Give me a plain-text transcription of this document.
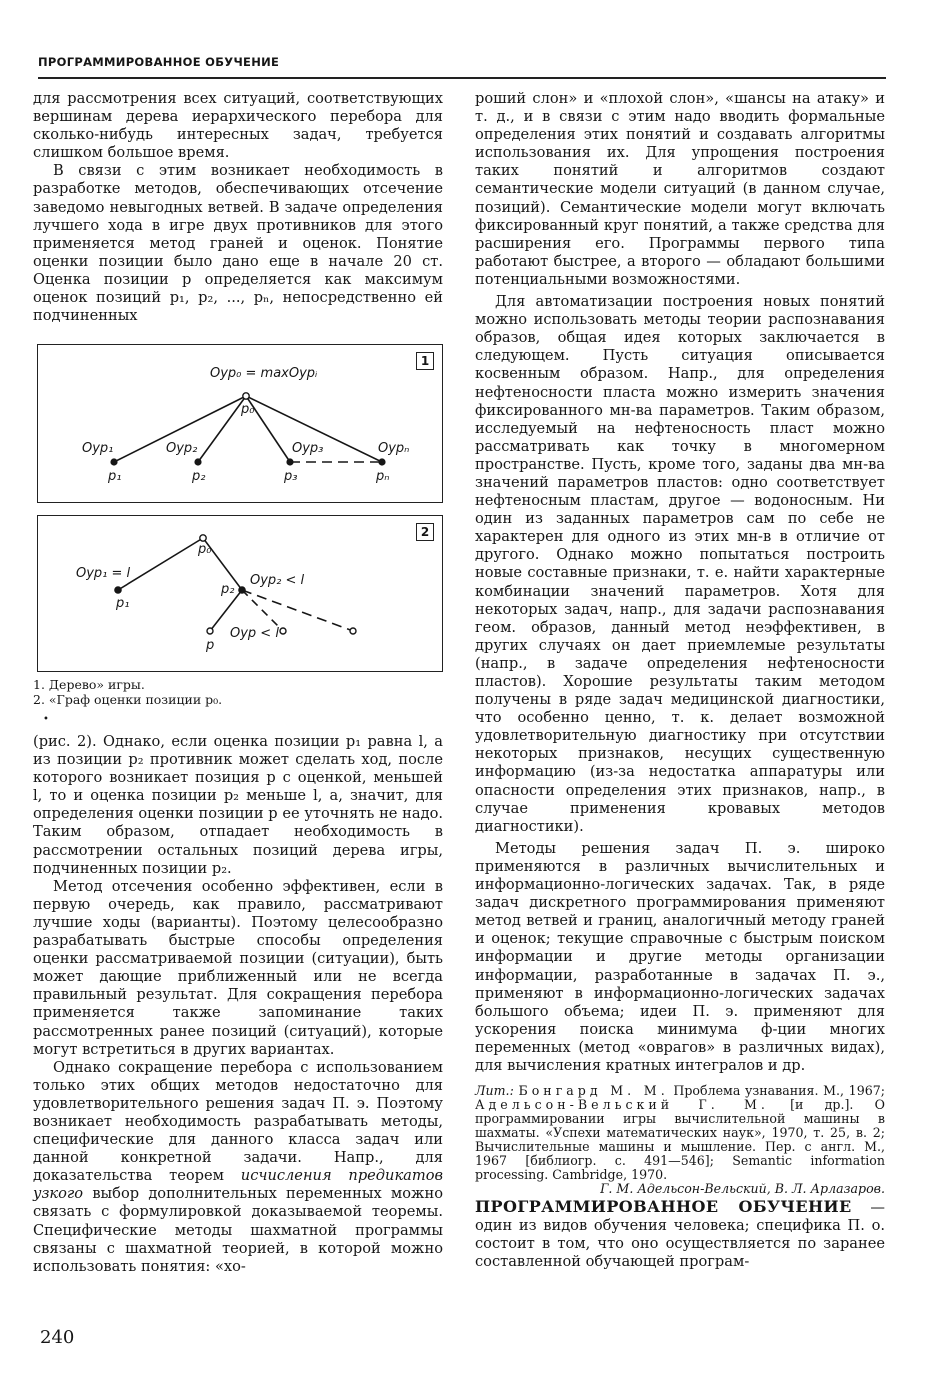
ПРОГРАММИРОВАННОЕ ОБУЧЕНИЕ

для рассмотрения всех ситуаций, соответствующих вершинам дерева иерархического перебора для сколько-нибудь интересных задач, требуется слишком большое время.

В связи с этим возникает необходимость в разработке методов, обеспечивающих отсечение заведомо невыгодных ветвей. В задаче определения лучшего хода в игре двух противников для этого применяется метод граней и оценок. Понятие оценки позиции было дано еще в начале 20 ст. Оценка позиции p определяется как максимум оценок позиций p₁, p₂, ..., pₙ, непосредственно ей подчиненных

1
Оур₀ = maxОурᵢ
p₀
Оур₁
p₁
Оур₂
p₂
Оур₃
p₃
Оурₙ
pₙ
2
p₀
Оур₁ = l
p₁
Оур₂ < l
p₂
Оур < l
p
1. Дерево» игры.
2. «Граф оценки позиции p₀.
•

(рис. 2). Однако, если оценка позиции p₁ равна l, а из позиции p₂ противник может сделать ход, после которого возникает позиция p с оценкой, меньшей l, то и оценка позиции p₂ меньше l, а, значит, для определения оценки позиции p ее уточнять не надо. Таким образом, отпадает необходимость в рассмотрении остальных позиций дерева игры, подчиненных позиции p₂.

Метод отсечения особенно эффективен, если в первую очередь, как правило, рассматривают лучшие ходы (варианты). Поэтому целесообразно разрабатывать быстрые способы определения оценки рассматриваемой позиции (ситуации), быть может дающие приближенный или не всегда правильный результат. Для сокращения перебора применяется также запоминание таких рассмотренных ранее позиций (ситуаций), которые могут встретиться в других вариантах.

Однако сокращение перебора с использованием только этих общих методов недостаточно для удовлетворительного решения задач П. э. Поэтому возникает необходимость разрабатывать методы, специфические для данного класса задач или данной конкретной задачи. Напр., для доказательства теорем исчисления предикатов узкого выбор дополнительных переменных можно связать с формулировкой доказываемой теоремы. Специфические методы шахматной программы связаны с шахматной теорией, в которой можно использовать понятия: «хо-

роший слон» и «плохой слон», «шансы на атаку» и т. д., и в связи с этим надо вводить формальные определения этих понятий и создавать алгоритмы использования их. Для упрощения построения таких понятий и алгоритмов создают семантические модели ситуаций (в данном случае, позиций). Семантические модели могут включать фиксированный круг понятий, а также средства для расширения его. Программы первого типа работают быстрее, а второго — обладают большими потенциальными возможностями.

Для автоматизации построения новых понятий можно использовать методы теории распознавания образов, общая идея которых заключается в следующем. Пусть ситуация описывается косвенным образом. Напр., для определения нефтеносности пласта можно измерить значения фиксированного мн-ва параметров. Таким образом, исследуемый на нефтеносность пласт можно рассматривать как точку в многомерном пространстве. Пусть, кроме того, заданы два мн-ва значений параметров пластов: одно соответствует нефтеносным пластам, другое — водоносным. Ни один из заданных параметров сам по себе не характерен для одного из этих мн-в в отличие от другого. Однако можно попытаться построить новые составные признаки, т. е. найти характерные комбинации значений параметров. Хотя для некоторых задач, напр., для задачи распознавания геом. образов, данный метод неэффективен, в других случаях он дает приемлемые результаты (напр., в задаче определения нефтеносности пластов). Хорошие результаты таким методом получены в ряде задач медицинской диагностики, что особенно ценно, т. к. делает возможной удовлетворительную диагностику при отсутствии некоторых признаков, несущих существенную информацию (из-за недостатка аппаратуры или опасности определения этих признаков, напр., в случае применения кровавых методов диагностики).

Методы решения задач П. э. широко применяются в различных вычислительных и информационно-логических задачах. Так, в ряде задач дискретного программирования применяют метод ветвей и границ, аналогичный методу граней и оценок; текущие справочные с быстрым поиском информации и другие методы организации информации, разработанные в задачах П. э., применяют в информационно-логических задачах большого объема; идеи П. э. применяют для ускорения поиска минимума ф-ции многих переменных (метод «оврагов» в различных видах), для вычисления кратных интегралов и др.

Лит.: Бонгард М. М. Проблема узнавания. М., 1967; Адельсон-Вельский Г. М. [и др.]. О программировании игры вычислительной машины в шахматы. «Успехи математических наук», 1970, т. 25, в. 2; Вычислительные машины и мышление. Пер. с англ. М., 1967 [библиогр. с. 491—546]; Semantic information processing. Cambridge, 1970.

Г. М. Адельсон-Вельский, В. Л. Арлазаров.

ПРОГРАММИРОВАННОЕ ОБУЧЕНИЕ — один из видов обучения человека; специфика П. о. состоит в том, что оно осуществляется по заранее составленной обучающей програм-

240
